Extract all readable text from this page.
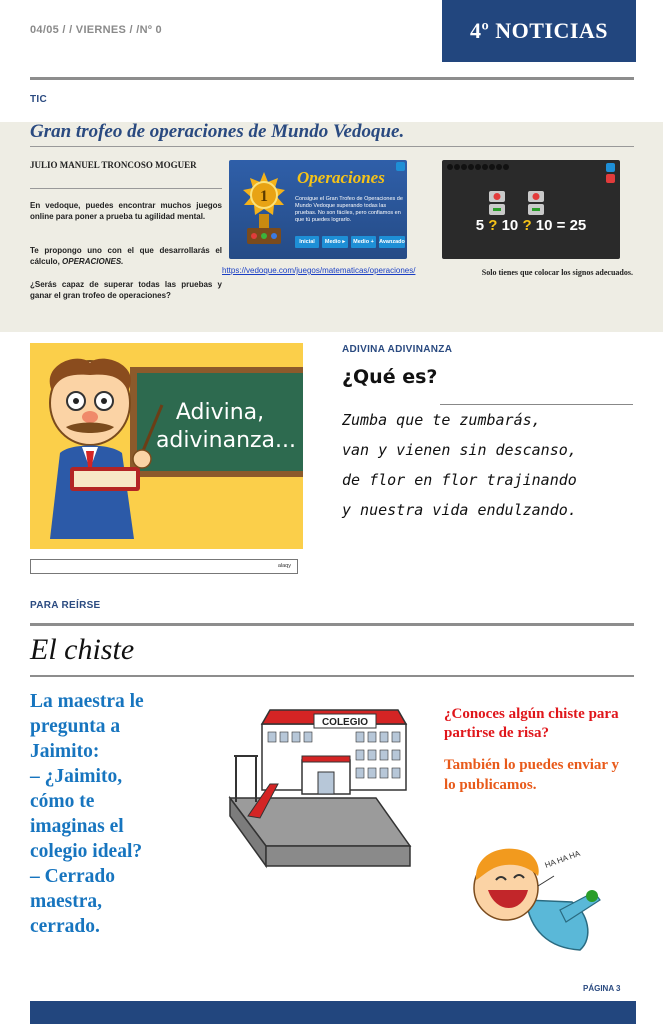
04/05 / / VIERNES / /Nº 0	4º NOTICIAS
TIC
Gran trofeo de operaciones de Mundo Vedoque.
JULIO MANUEL TRONCOSO MOGUER
En vedoque, puedes encontrar muchos juegos online para poner a prueba tu agilidad mental.
Te propongo uno con el que desarrollarás el cálculo, OPERACIONES.
¿Serás capaz de superar todas las pruebas y ganar el gran trofeo de operaciones?
1
Operaciones
Consigue el Gran Trofeo de Operaciones de Mundo Vedoque superando todas las pruebas. No son fáciles, pero confiamos en que tú puedes lograrlo.
Inicial	Medio ▸	Medio + Avanzado
https://vedoque.com/juegos/matematicas/operaciones/
5 ? 10 ? 10 = 25
Solo tienes que colocar los signos adecuados.
Adivina,
adivinanza...
alaqy
ADIVINA ADIVINANZA
¿Qué es?
Zumba que te zumbarás,
van y vienen sin descanso,
de flor en flor trajinando
y nuestra vida endulzando.
PARA REÍRSE
El chiste
La maestra le
pregunta a
Jaimito:
– ¿Jaimito,
cómo te
imaginas el
colegio ideal?
– Cerrado
maestra,
cerrado.
COLEGIO
¿Conoces algún chiste para partirse de risa?
También lo puedes enviar y lo publicamos.
HA HA HA
PÁGINA 3
